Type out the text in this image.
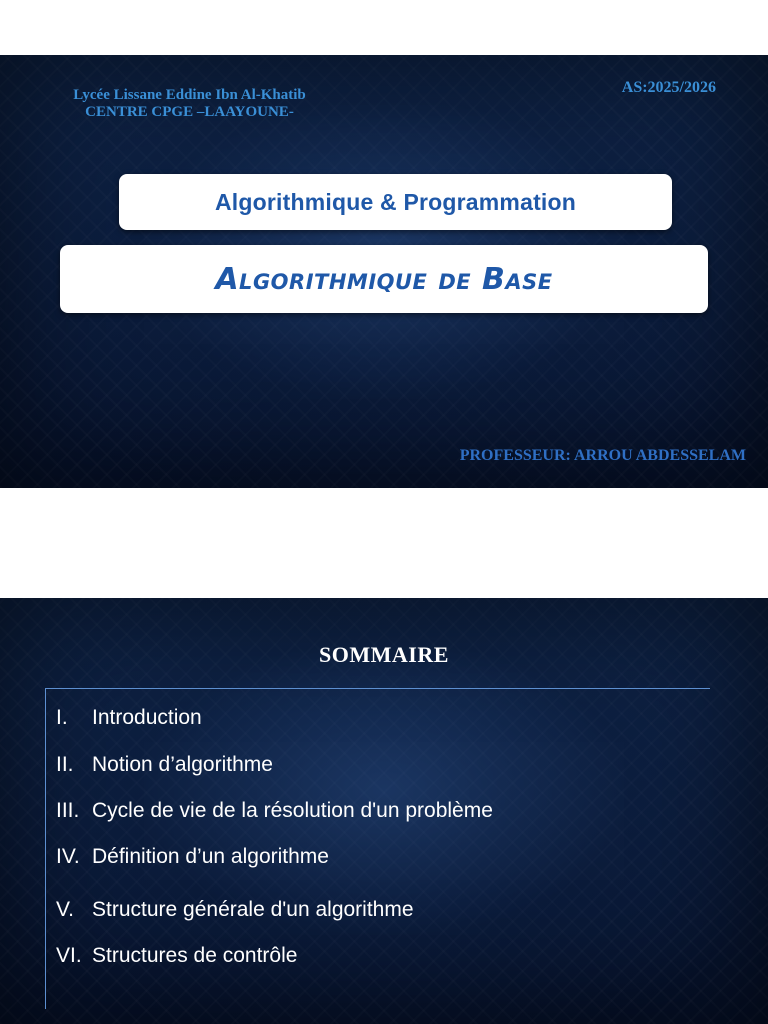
Lycée Lissane Eddine Ibn Al-Khatib
CENTRE CPGE –LAAYOUNE-
AS:2025/2026
Algorithmique & Programmation
Algorithmique de Base
PROFESSEUR: ARROU ABDESSELAM
SOMMAIRE
I. Introduction
II. Notion d’algorithme
III. Cycle de vie de la résolution d'un problème
IV. Définition d’un algorithme
V. Structure générale d'un algorithme
VI. Structures de contrôle
